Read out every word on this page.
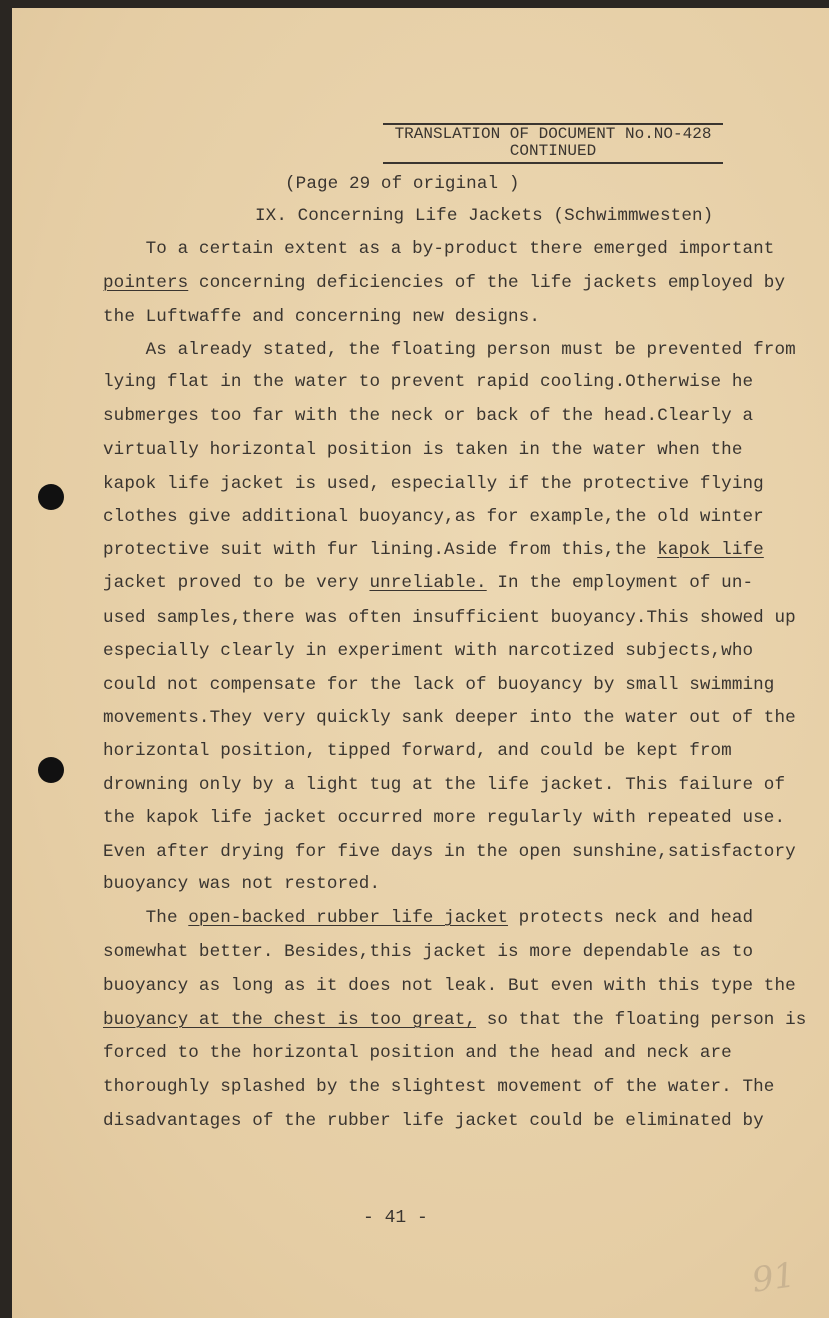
TRANSLATION OF DOCUMENT No.NO-428
CONTINUED
(Page 29 of original )
IX. Concerning Life Jackets (Schwimmwesten)
To a certain extent as a by-product there emerged important
pointers concerning deficiencies of the life jackets employed by
the Luftwaffe and concerning new designs.
As already stated, the floating person must be prevented from
lying flat in the water to prevent rapid cooling.Otherwise he
submerges too far with the neck or back of the head.Clearly a
virtually horizontal position is taken in the water when the
kapok life jacket is used, especially if the protective flying
clothes give additional buoyancy,as for example,the old winter
protective suit with fur lining.Aside from this,the kapok life
jacket proved to be very unreliable. In the employment of un-
used samples,there was often insufficient buoyancy.This showed up
especially clearly in experiment with narcotized subjects,who
could not compensate for the lack of buoyancy by small swimming
movements.They very quickly sank deeper into the water out of the
horizontal position, tipped forward, and could be kept from
drowning only by a light tug at the life jacket. This failure of
the kapok life jacket occurred more regularly with repeated use.
Even after drying for five days in the open sunshine,satisfactory
buoyancy was not restored.
The open-backed rubber life jacket protects neck and head
somewhat better. Besides,this jacket is more dependable as to
buoyancy as long as it does not leak. But even with this type the
buoyancy at the chest is too great, so that the floating person is
forced to the horizontal position and the head and neck are
thoroughly splashed by the slightest movement of the water. The
disadvantages of the rubber life jacket could be eliminated by
- 41 -
91
